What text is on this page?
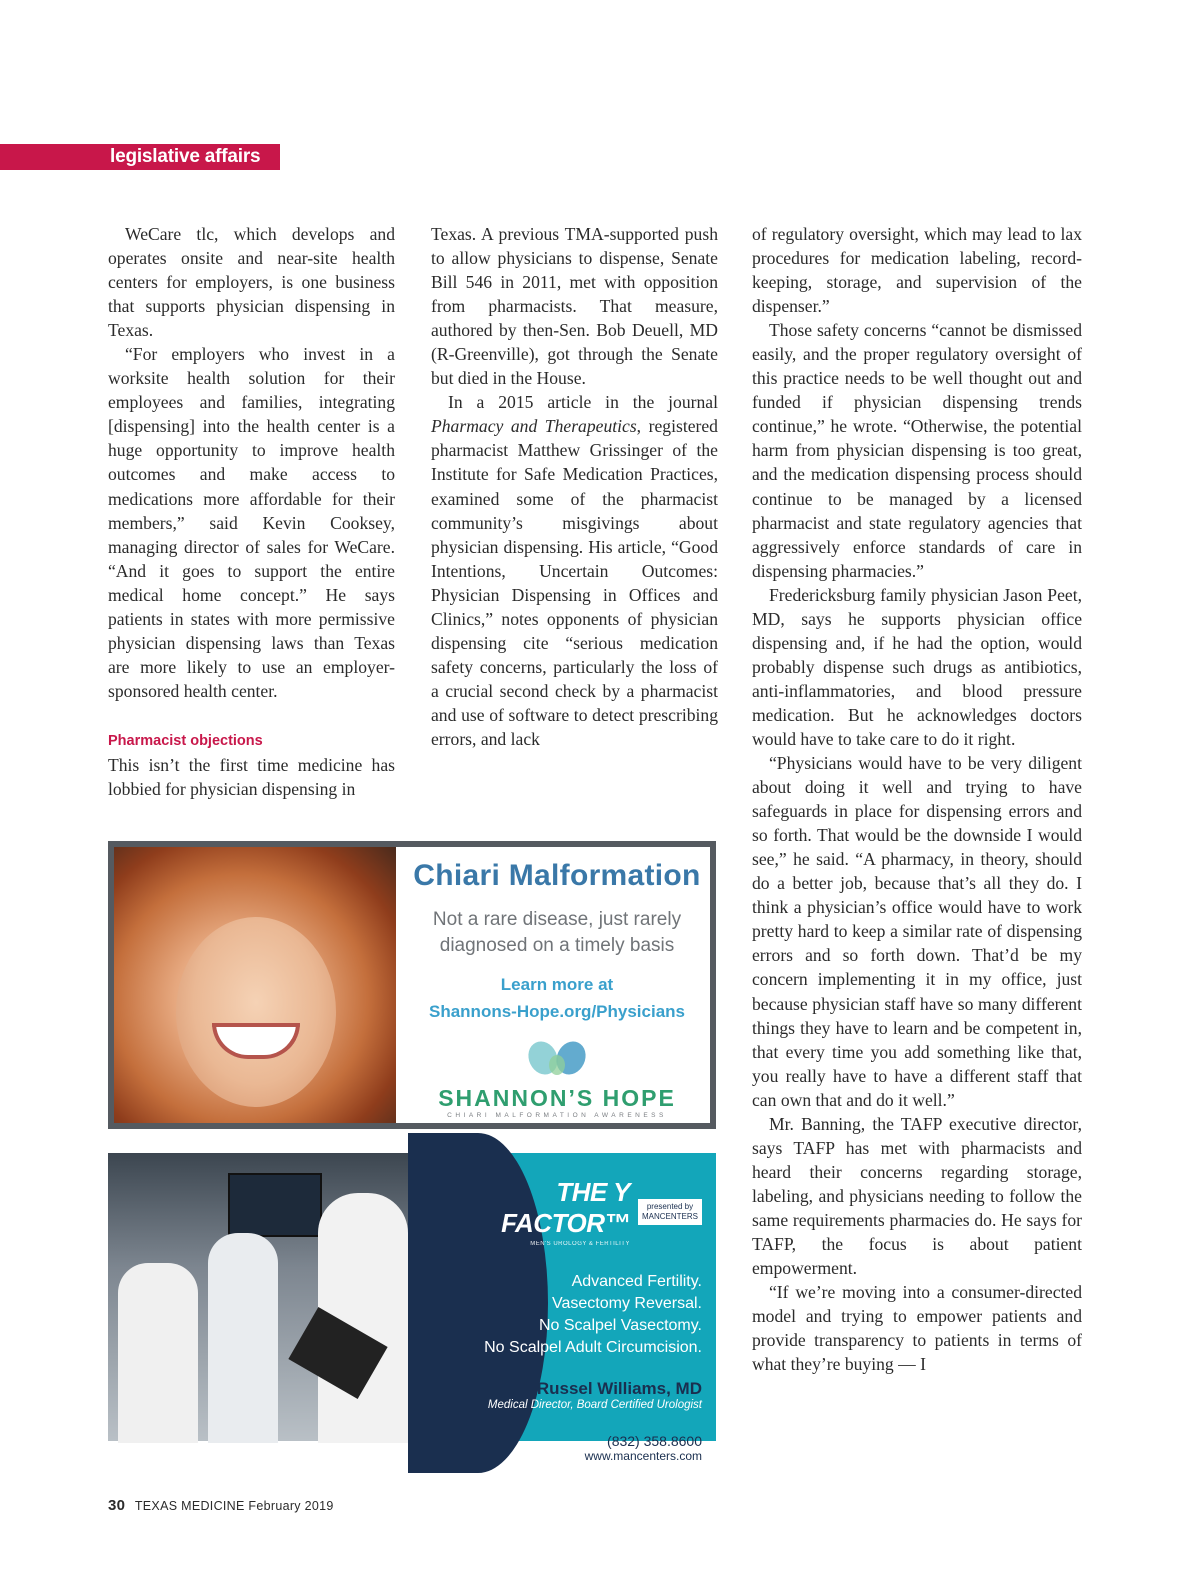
legislative affairs

WeCare tlc, which develops and operates onsite and near-site health centers for employers, is one business that supports physician dispensing in Texas.

“For employers who invest in a worksite health solution for their employees and families, integrating [dispensing] into the health center is a huge opportunity to improve health outcomes and make access to medications more affordable for their members,” said Kevin Cooksey, managing director of sales for WeCare. “And it goes to support the entire medical home concept.” He says patients in states with more permissive physician dispensing laws than Texas are more likely to use an employer-sponsored health center.

Pharmacist objections

This isn’t the first time medicine has lobbied for physician dispensing in

Texas. A previous TMA-supported push to allow physicians to dispense, Senate Bill 546 in 2011, met with opposition from pharmacists. That measure, authored by then-Sen. Bob Deuell, MD (R-Greenville), got through the Senate but died in the House.

In a 2015 article in the journal Pharmacy and Therapeutics, registered pharmacist Matthew Grissinger of the Institute for Safe Medication Practices, examined some of the pharmacist community’s misgivings about physician dispensing. His article, “Good Intentions, Uncertain Outcomes: Physician Dispensing in Offices and Clinics,” notes opponents of physician dispensing cite “serious medication safety concerns, particularly the loss of a crucial second check by a pharmacist and use of software to detect prescribing errors, and lack

of regulatory oversight, which may lead to lax procedures for medication labeling, record-keeping, storage, and supervision of the dispenser.”

Those safety concerns “cannot be dismissed easily, and the proper regulatory oversight of this practice needs to be well thought out and funded if physician dispensing trends continue,” he wrote. “Otherwise, the potential harm from physician dispensing is too great, and the medication dispensing process should continue to be managed by a licensed pharmacist and state regulatory agencies that aggressively enforce standards of care in dispensing pharmacies.”

Fredericksburg family physician Jason Peet, MD, says he supports physician office dispensing and, if he had the option, would probably dispense such drugs as antibiotics, anti-inflammatories, and blood pressure medication. But he acknowledges doctors would have to take care to do it right.

“Physicians would have to be very diligent about doing it well and trying to have safeguards in place for dispensing errors and so forth. That would be the downside I would see,” he said. “A pharmacy, in theory, should do a better job, because that’s all they do. I think a physician’s office would have to work pretty hard to keep a similar rate of dispensing errors and so forth down. That’d be my concern implementing it in my office, just because physician staff have so many different things they have to learn and be competent in, that every time you add something like that, you really have to have a different staff that can own that and do it well.”

Mr. Banning, the TAFP executive director, says TAFP has met with pharmacists and heard their concerns regarding storage, labeling, and physicians needing to follow the same requirements pharmacies do. He says for TAFP, the focus is about patient empowerment.

“If we’re moving into a consumer-directed model and trying to empower patients and provide transparency to patients in terms of what they’re buying — I

Chiari Malformation
Not a rare disease, just rarely
diagnosed on a timely basis
Learn more at
Shannons-Hope.org/Physicians
SHANNON’S HOPE
CHIARI MALFORMATION AWARENESS
THE Y FACTOR™
MEN'S UROLOGY & FERTILITY
presented by
MANCENTERS
Advanced Fertility.
Vasectomy Reversal.
No Scalpel Vasectomy.
No Scalpel Adult Circumcision.
Russel Williams, MD
Medical Director, Board Certified Urologist
(832) 358.8600
www.mancenters.com
30 TEXAS MEDICINE February 2019
